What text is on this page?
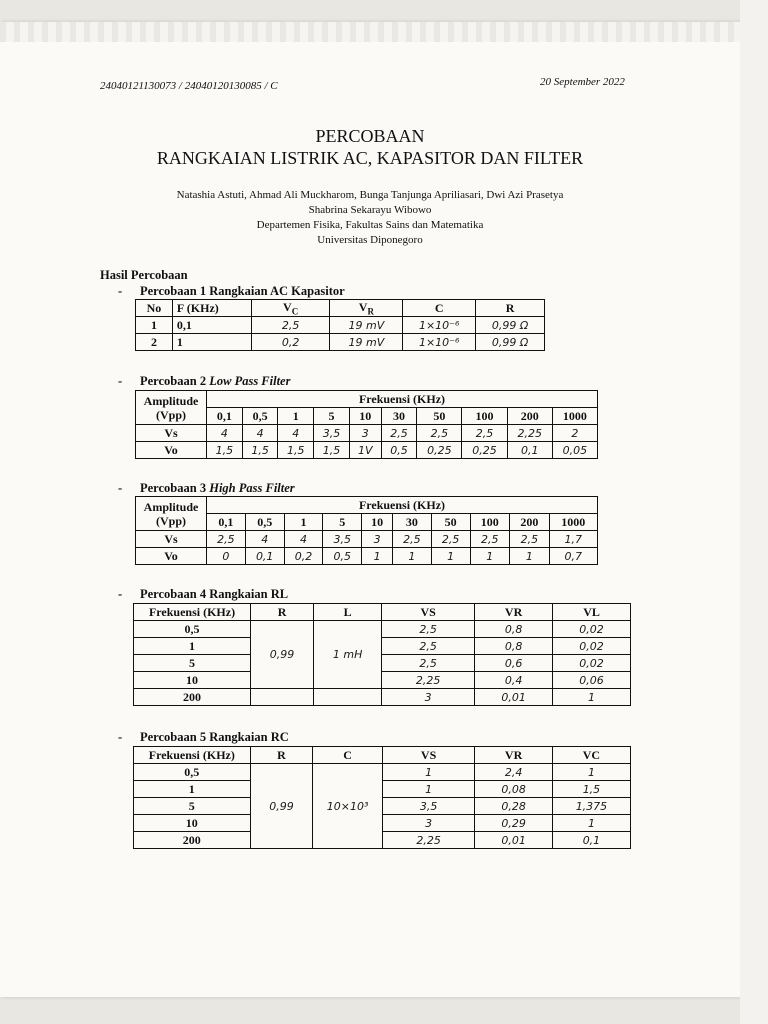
24040121130073 / 24040120130085 / C	20 September 2022
PERCOBAAN
RANGKAIAN LISTRIK AC, KAPASITOR DAN FILTER
Natashia Astuti, Ahmad Ali Muckharom, Bunga Tanjunga Apriliasari, Dwi Azi Prasetya
Shabrina Sekarayu Wibowo
Departemen Fisika, Fakultas Sains dan Matematika
Universitas Diponegoro
Hasil Percobaan
- Percobaan 1 Rangkaian AC Kapasitor
No	F (KHz)	$V_C$	$V_R$	C	R
1	0,1	2,5	19 mV	1×10⁻⁶	0,99 Ω
2	1	0,2	19 mV	1×10⁻⁶	0,99 Ω
- Percobaan 2 Low Pass Filter
Amplitude
(Vpp)	Frekuensi (KHz)									
	0,1	0,5	1	5	10	30	50	100	200	1000
Vs	4	4	4	3,5	3	2,5	2,5	2,5	2,25	2
Vo	1,5	1,5	1,5	1,5	1V	0,5	0,25	0,25	0,1	0,05
- Percobaan 3 High Pass Filter
Amplitude
(Vpp)	Frekuensi (KHz)									
	0,1	0,5	1	5	10	30	50	100	200	1000
Vs	2,5	4	4	3,5	3	2,5	2,5	2,5	2,5	1,7
Vo	0	0,1	0,2	0,5	1	1	1	1	1	0,7
- Percobaan 4 Rangkaian RL
Frekuensi (KHz)	R	L	VS	VR	VL
0,5	0,99	1 mH	2,5	0,8	0,02
1			2,5	0,8	0,02
5			2,5	0,6	0,02
10			2,25	0,4	0,06
200			3	0,01	1
- Percobaan 5 Rangkaian RC
Frekuensi (KHz)	R	C	VS	VR	VC
0,5	0,99	10×10³	1	2,4	1
1			1	0,08	1,5
5			3,5	0,28	1,375
10			3	0,29	1
200			2,25	0,01	0,1
